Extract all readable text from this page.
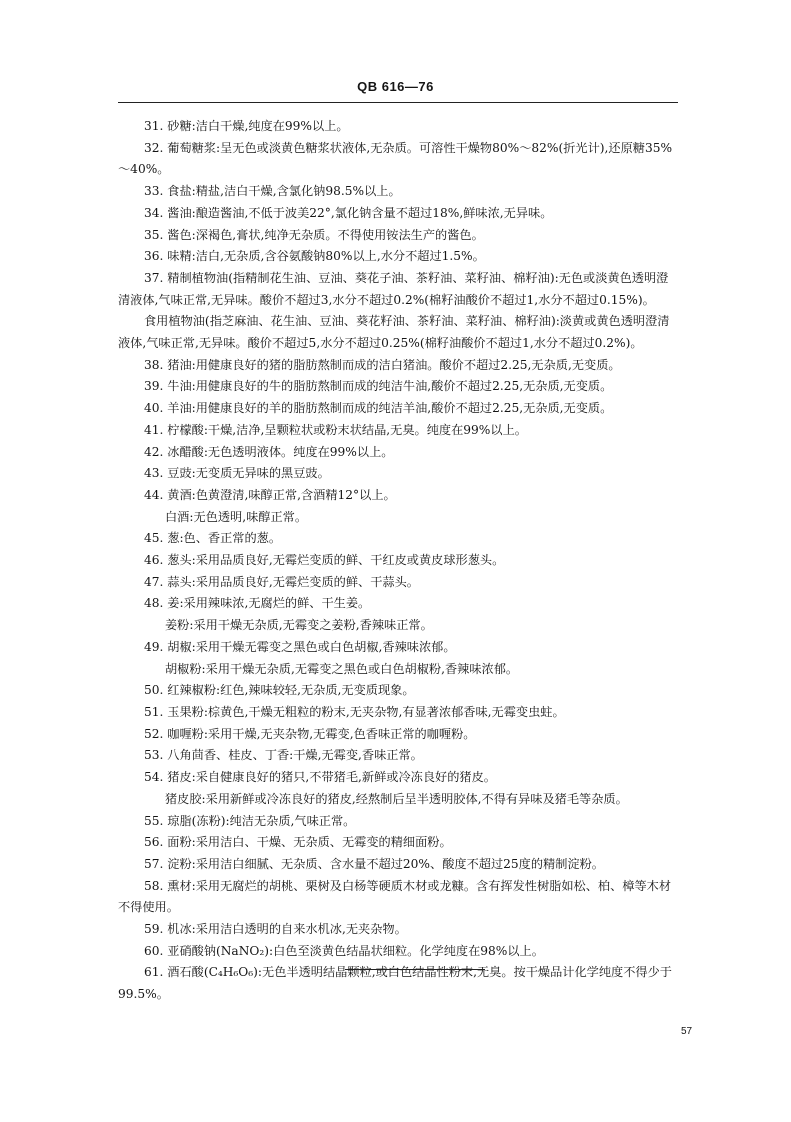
QB 616—76
31. 砂糖:洁白干燥,纯度在99%以上。
32. 葡萄糖浆:呈无色或淡黄色糖浆状液体,无杂质。可溶性干燥物80%～82%(折光计),还原糖35%～40%。
33. 食盐:精盐,洁白干燥,含氯化钠98.5%以上。
34. 酱油:酿造酱油,不低于波美22°,氯化钠含量不超过18%,鲜味浓,无异味。
35. 酱色:深褐色,膏状,纯净无杂质。不得使用铵法生产的酱色。
36. 味精:洁白,无杂质,含谷氨酸钠80%以上,水分不超过1.5%。
37. 精制植物油(指精制花生油、豆油、葵花子油、茶籽油、菜籽油、棉籽油):无色或淡黄色透明澄清液体,气味正常,无异味。酸价不超过3,水分不超过0.2%(棉籽油酸价不超过1,水分不超过0.15%)。
食用植物油(指芝麻油、花生油、豆油、葵花籽油、茶籽油、菜籽油、棉籽油):淡黄或黄色透明澄清液体,气味正常,无异味。酸价不超过5,水分不超过0.25%(棉籽油酸价不超过1,水分不超过0.2%)。
38. 猪油:用健康良好的猪的脂肪熬制而成的洁白猪油。酸价不超过2.25,无杂质,无变质。
39. 牛油:用健康良好的牛的脂肪熬制而成的纯洁牛油,酸价不超过2.25,无杂质,无变质。
40. 羊油:用健康良好的羊的脂肪熬制而成的纯洁羊油,酸价不超过2.25,无杂质,无变质。
41. 柠檬酸:干燥,洁净,呈颗粒状或粉末状结晶,无臭。纯度在99%以上。
42. 冰醋酸:无色透明液体。纯度在99%以上。
43. 豆豉:无变质无异味的黑豆豉。
44. 黄酒:色黄澄清,味醇正常,含酒精12°以上。
白酒:无色透明,味醇正常。
45. 葱:色、香正常的葱。
46. 葱头:采用品质良好,无霉烂变质的鲜、干红皮或黄皮球形葱头。
47. 蒜头:采用品质良好,无霉烂变质的鲜、干蒜头。
48. 姜:采用辣味浓,无腐烂的鲜、干生姜。
姜粉:采用干燥无杂质,无霉变之姜粉,香辣味正常。
49. 胡椒:采用干燥无霉变之黑色或白色胡椒,香辣味浓郁。
胡椒粉:采用干燥无杂质,无霉变之黑色或白色胡椒粉,香辣味浓郁。
50. 红辣椒粉:红色,辣味较轻,无杂质,无变质现象。
51. 玉果粉:棕黄色,干燥无粗粒的粉末,无夹杂物,有显著浓郁香味,无霉变虫蛀。
52. 咖喱粉:采用干燥,无夹杂物,无霉变,色香味正常的咖喱粉。
53. 八角茴香、桂皮、丁香:干燥,无霉变,香味正常。
54. 猪皮:采自健康良好的猪只,不带猪毛,新鲜或冷冻良好的猪皮。
猪皮胶:采用新鲜或冷冻良好的猪皮,经熬制后呈半透明胶体,不得有异味及猪毛等杂质。
55. 琼脂(冻粉):纯洁无杂质,气味正常。
56. 面粉:采用洁白、干燥、无杂质、无霉变的精细面粉。
57. 淀粉:采用洁白细腻、无杂质、含水量不超过20%、酸度不超过25度的精制淀粉。
58. 熏材:采用无腐烂的胡桃、栗树及白杨等硬质木材或龙糠。含有挥发性树脂如松、柏、樟等木材不得使用。
59. 机冰:采用洁白透明的自来水机冰,无夹杂物。
60. 亚硝酸钠(NaNO₂):白色至淡黄色结晶状细粒。化学纯度在98%以上。
61. 酒石酸(C₄H₆O₆):无色半透明结晶颗粒,或白色结晶性粉末,无臭。按干燥品计化学纯度不得少于99.5%。
57
